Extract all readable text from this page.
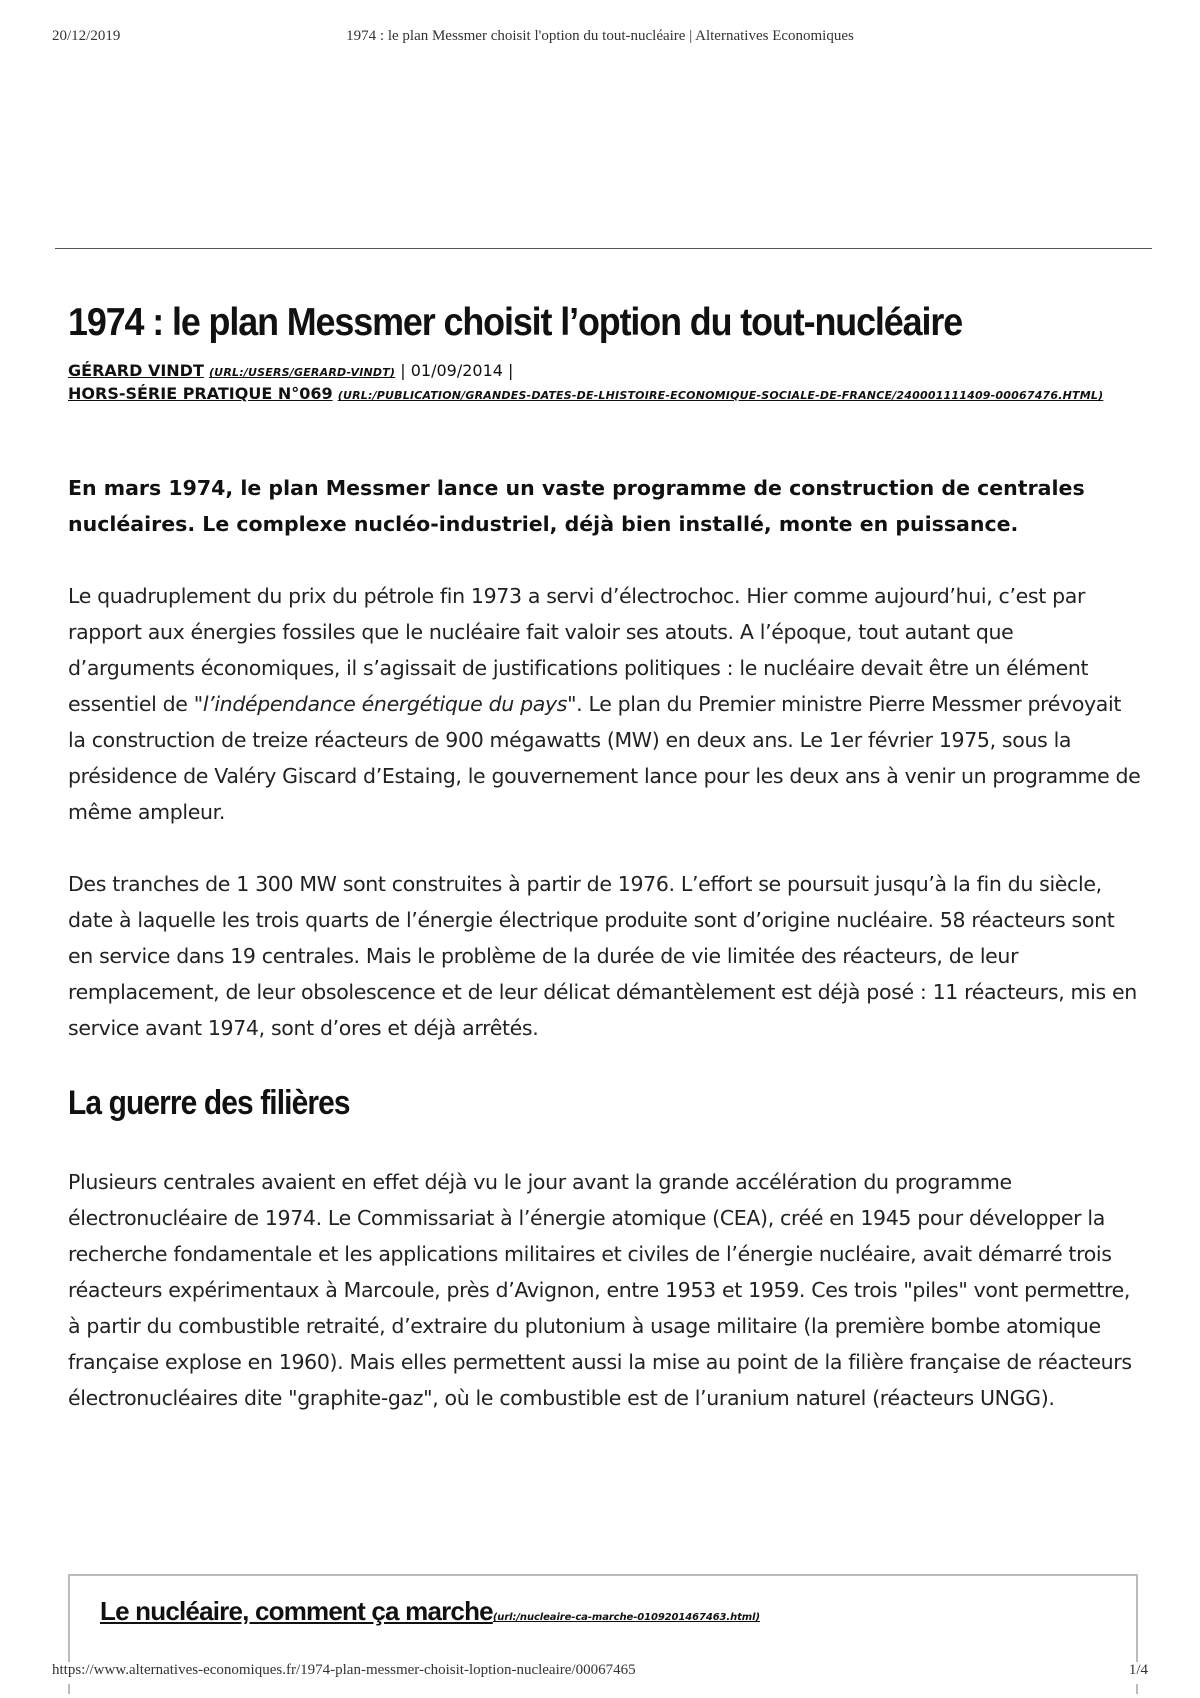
20/12/2019	1974 : le plan Messmer choisit l'option du tout-nucléaire | Alternatives Economiques
1974 : le plan Messmer choisit l’option du tout-nucléaire
GÉRARD VINDT (URL:/USERS/GERARD-VINDT) | 01/09/2014 |
HORS-SÉRIE PRATIQUE N°069 (URL:/PUBLICATION/GRANDES-DATES-DE-LHISTOIRE-ECONOMIQUE-SOCIALE-DE-FRANCE/240001111409-00067476.HTML)
En mars 1974, le plan Messmer lance un vaste programme de construction de centrales nucléaires. Le complexe nucléo-industriel, déjà bien installé, monte en puissance.

Le quadruplement du prix du pétrole fin 1973 a servi d’électrochoc. Hier comme aujourd’hui, c’est par rapport aux énergies fossiles que le nucléaire fait valoir ses atouts. A l’époque, tout autant que d’arguments économiques, il s’agissait de justifications politiques : le nucléaire devait être un élément essentiel de "l’indépendance énergétique du pays". Le plan du Premier ministre Pierre Messmer prévoyait la construction de treize réacteurs de 900 mégawatts (MW) en deux ans. Le 1er février 1975, sous la présidence de Valéry Giscard d’Estaing, le gouvernement lance pour les deux ans à venir un programme de même ampleur.

Des tranches de 1 300 MW sont construites à partir de 1976. L’effort se poursuit jusqu’à la fin du siècle, date à laquelle les trois quarts de l’énergie électrique produite sont d’origine nucléaire. 58 réacteurs sont en service dans 19 centrales. Mais le problème de la durée de vie limitée des réacteurs, de leur remplacement, de leur obsolescence et de leur délicat démantèlement est déjà posé : 11 réacteurs, mis en service avant 1974, sont d’ores et déjà arrêtés.

La guerre des filières

Plusieurs centrales avaient en effet déjà vu le jour avant la grande accélération du programme électronucléaire de 1974. Le Commissariat à l’énergie atomique (CEA), créé en 1945 pour développer la recherche fondamentale et les applications militaires et civiles de l’énergie nucléaire, avait démarré trois réacteurs expérimentaux à Marcoule, près d’Avignon, entre 1953 et 1959. Ces trois "piles" vont permettre, à partir du combustible retraité, d’extraire du plutonium à usage militaire (la première bombe atomique française explose en 1960). Mais elles permettent aussi la mise au point de la filière française de réacteurs électronucléaires dite "graphite-gaz", où le combustible est de l’uranium naturel (réacteurs UNGG).

Le nucléaire, comment ça marche(url:/nucleaire-ca-marche-0109201467463.html)
https://www.alternatives-economiques.fr/1974-plan-messmer-choisit-loption-nucleaire/00067465	1/4
